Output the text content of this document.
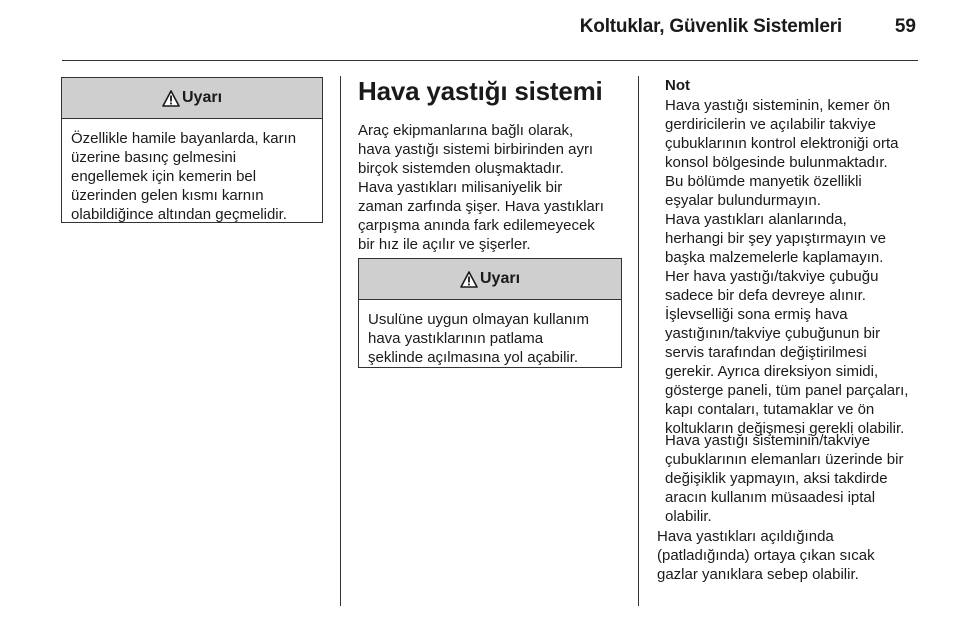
Koltuklar, Güvenlik Sistemleri	59
Uyarı
Özellikle hamile bayanlarda, karın
üzerine basınç gelmesini
engellemek için kemerin bel
üzerinden gelen kısmı karnın
olabildiğince altından geçmelidir.
Hava yastığı sistemi
Araç ekipmanlarına bağlı olarak,
hava yastığı sistemi birbirinden ayrı
birçok sistemden oluşmaktadır.
Hava yastıkları milisaniyelik bir
zaman zarfında şişer. Hava yastıkları
çarpışma anında fark edilemeyecek
bir hız ile açılır ve şişerler.
Uyarı
Usulüne uygun olmayan kullanım
hava yastıklarının patlama
şeklinde açılmasına yol açabilir.
Not
Hava yastığı sisteminin, kemer ön
gerdiricilerin ve açılabilir takviye
çubuklarının kontrol elektroniği orta
konsol bölgesinde bulunmaktadır.
Bu bölümde manyetik özellikli
eşyalar bulundurmayın.
Hava yastıkları alanlarında,
herhangi bir şey yapıştırmayın ve
başka malzemelerle kaplamayın.
Her hava yastığı/takviye çubuğu
sadece bir defa devreye alınır.
İşlevselliği sona ermiş hava
yastığının/takviye çubuğunun bir
servis tarafından değiştirilmesi
gerekir. Ayrıca direksiyon simidi,
gösterge paneli, tüm panel parçaları,
kapı contaları, tutamaklar ve ön
koltukların değişmesi gerekli olabilir.
Hava yastığı sisteminin/takviye
çubuklarının elemanları üzerinde bir
değişiklik yapmayın, aksi takdirde
aracın kullanım müsaadesi iptal
olabilir.
Hava yastıkları açıldığında
(patladığında) ortaya çıkan sıcak
gazlar yanıklara sebep olabilir.
